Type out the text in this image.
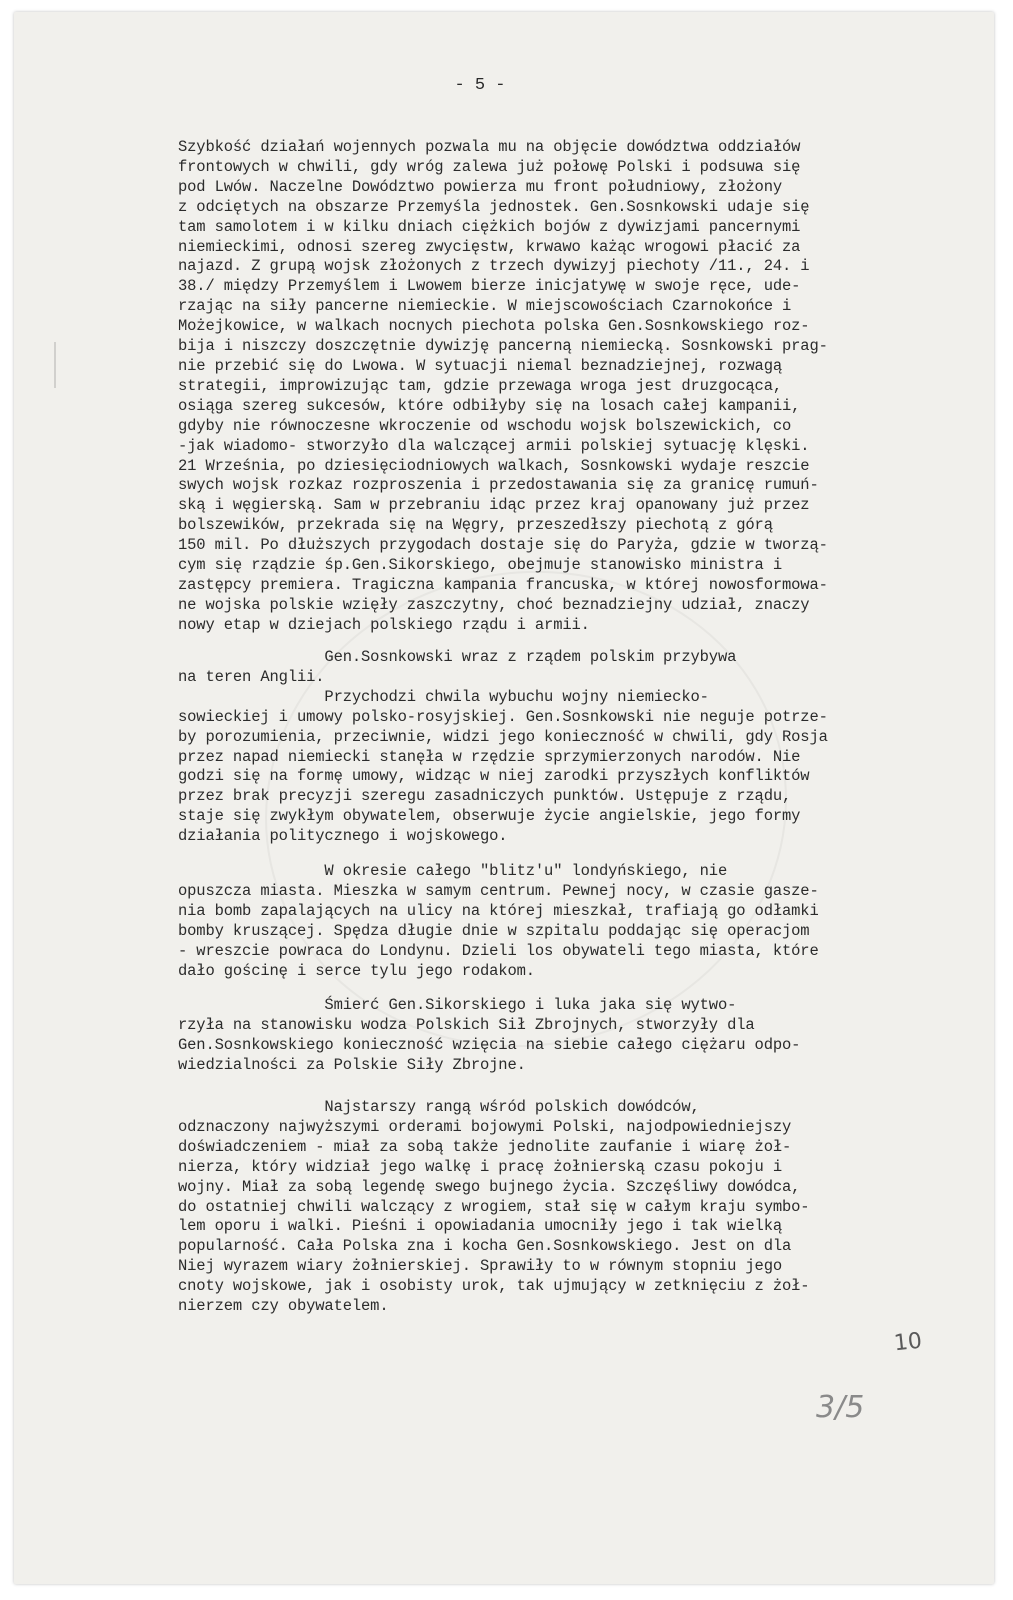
- 5 -
Szybkość działań wojennych pozwala mu na objęcie dowództwa oddziałów
frontowych w chwili, gdy wróg zalewa już połowę Polski i podsuwa się
pod Lwów. Naczelne Dowództwo powierza mu front południowy, złożony
z odciętych na obszarze Przemyśla jednostek. Gen.Sosnkowski udaje się
tam samolotem i w kilku dniach ciężkich bojów z dywizjami pancernymi
niemieckimi, odnosi szereg zwycięstw, krwawo każąc wrogowi płacić za
najazd. Z grupą wojsk złożonych z trzech dywizyj piechoty /11., 24. i
38./ między Przemyślem i Lwowem bierze inicjatywę w swoje ręce, ude-
rzając na siły pancerne niemieckie. W miejscowościach Czarnokońce i
Możejkowice, w walkach nocnych piechota polska Gen.Sosnkowskiego roz-
bija i niszczy doszczętnie dywizję pancerną niemiecką. Sosnkowski prag-
nie przebić się do Lwowa. W sytuacji niemal beznadziejnej, rozwagą
strategii, improwizując tam, gdzie przewaga wroga jest druzgocąca,
osiąga szereg sukcesów, które odbiłyby się na losach całej kampanii,
gdyby nie równoczesne wkroczenie od wschodu wojsk bolszewickich, co
-jak wiadomo- stworzyło dla walczącej armii polskiej sytuację klęski.
21 Września, po dziesięciodniowych walkach, Sosnkowski wydaje reszcie
swych wojsk rozkaz rozproszenia i przedostawania się za granicę rumuń-
ską i węgierską. Sam w przebraniu idąc przez kraj opanowany już przez
bolszewików, przekrada się na Węgry, przeszedłszy piechotą z górą
150 mil. Po dłuższych przygodach dostaje się do Paryża, gdzie w tworzą-
cym się rządzie śp.Gen.Sikorskiego, obejmuje stanowisko ministra i
zastępcy premiera. Tragiczna kampania francuska, w której nowosformowa-
ne wojska polskie wzięły zaszczytny, choć beznadziejny udział, znaczy
nowy etap w dziejach polskiego rządu i armii.
Gen.Sosnkowski wraz z rządem polskim przybywa
na teren Anglii.
Przychodzi chwila wybuchu wojny niemiecko-
sowieckiej i umowy polsko-rosyjskiej. Gen.Sosnkowski nie neguje potrze-
by porozumienia, przeciwnie, widzi jego konieczność w chwili, gdy Rosja
przez napad niemiecki stanęła w rzędzie sprzymierzonych narodów. Nie
godzi się na formę umowy, widząc w niej zarodki przyszłych konfliktów
przez brak precyzji szeregu zasadniczych punktów. Ustępuje z rządu,
staje się zwykłym obywatelem, obserwuje życie angielskie, jego formy
działania politycznego i wojskowego.
W okresie całego "blitz'u" londyńskiego, nie
opuszcza miasta. Mieszka w samym centrum. Pewnej nocy, w czasie gasze-
nia bomb zapalających na ulicy na której mieszkał, trafiają go odłamki
bomby kruszącej. Spędza długie dnie w szpitalu poddając się operacjom
- wreszcie powraca do Londynu. Dzieli los obywateli tego miasta, które
dało gościnę i serce tylu jego rodakom.
Śmierć Gen.Sikorskiego i luka jaka się wytwo-
rzyła na stanowisku wodza Polskich Sił Zbrojnych, stworzyły dla
Gen.Sosnkowskiego konieczność wzięcia na siebie całego ciężaru odpo-
wiedzialności za Polskie Siły Zbrojne.
Najstarszy rangą wśród polskich dowódców,
odznaczony najwyższymi orderami bojowymi Polski, najodpowiedniejszy
doświadczeniem - miał za sobą także jednolite zaufanie i wiarę żoł-
nierza, który widział jego walkę i pracę żołnierską czasu pokoju i
wojny. Miał za sobą legendę swego bujnego życia. Szczęśliwy dowódca,
do ostatniej chwili walczący z wrogiem, stał się w całym kraju symbo-
lem oporu i walki. Pieśni i opowiadania umocniły jego i tak wielką
popularność. Cała Polska zna i kocha Gen.Sosnkowskiego. Jest on dla
Niej wyrazem wiary żołnierskiej. Sprawiły to w równym stopniu jego
cnoty wojskowe, jak i osobisty urok, tak ujmujący w zetknięciu z żoł-
nierzem czy obywatelem.
10
3/5
